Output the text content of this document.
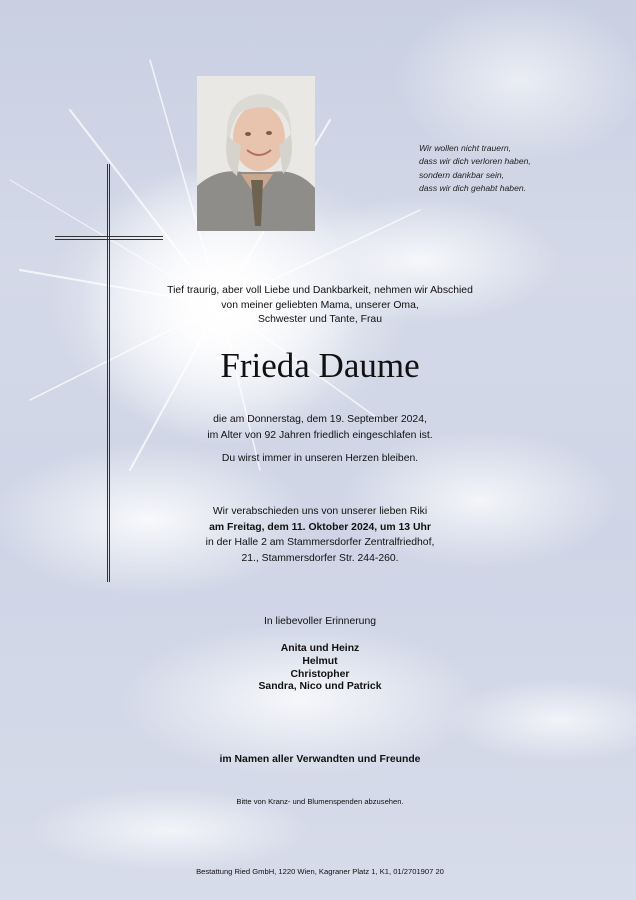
Wir wollen nicht trauern,
dass wir dich verloren haben,
sondern dankbar sein,
dass wir dich gehabt haben.
Tief traurig, aber voll Liebe und Dankbarkeit, nehmen wir Abschied
von meiner geliebten Mama, unserer Oma,
Schwester und Tante, Frau
Frieda Daume
die am Donnerstag, dem 19. September 2024,
im Alter von 92 Jahren friedlich eingeschlafen ist.
Du wirst immer in unseren Herzen bleiben.
Wir verabschieden uns von unserer lieben Riki
am Freitag, dem 11. Oktober 2024, um 13 Uhr
in der Halle 2 am Stammersdorfer Zentralfriedhof,
21., Stammersdorfer Str. 244-260.
In liebevoller Erinnerung
Anita und Heinz
Helmut
Christopher
Sandra, Nico und Patrick
im Namen aller Verwandten und Freunde
Bitte von Kranz- und Blumenspenden abzusehen.
Bestattung Ried GmbH, 1220 Wien, Kagraner Platz 1, K1, 01/2701907 20
